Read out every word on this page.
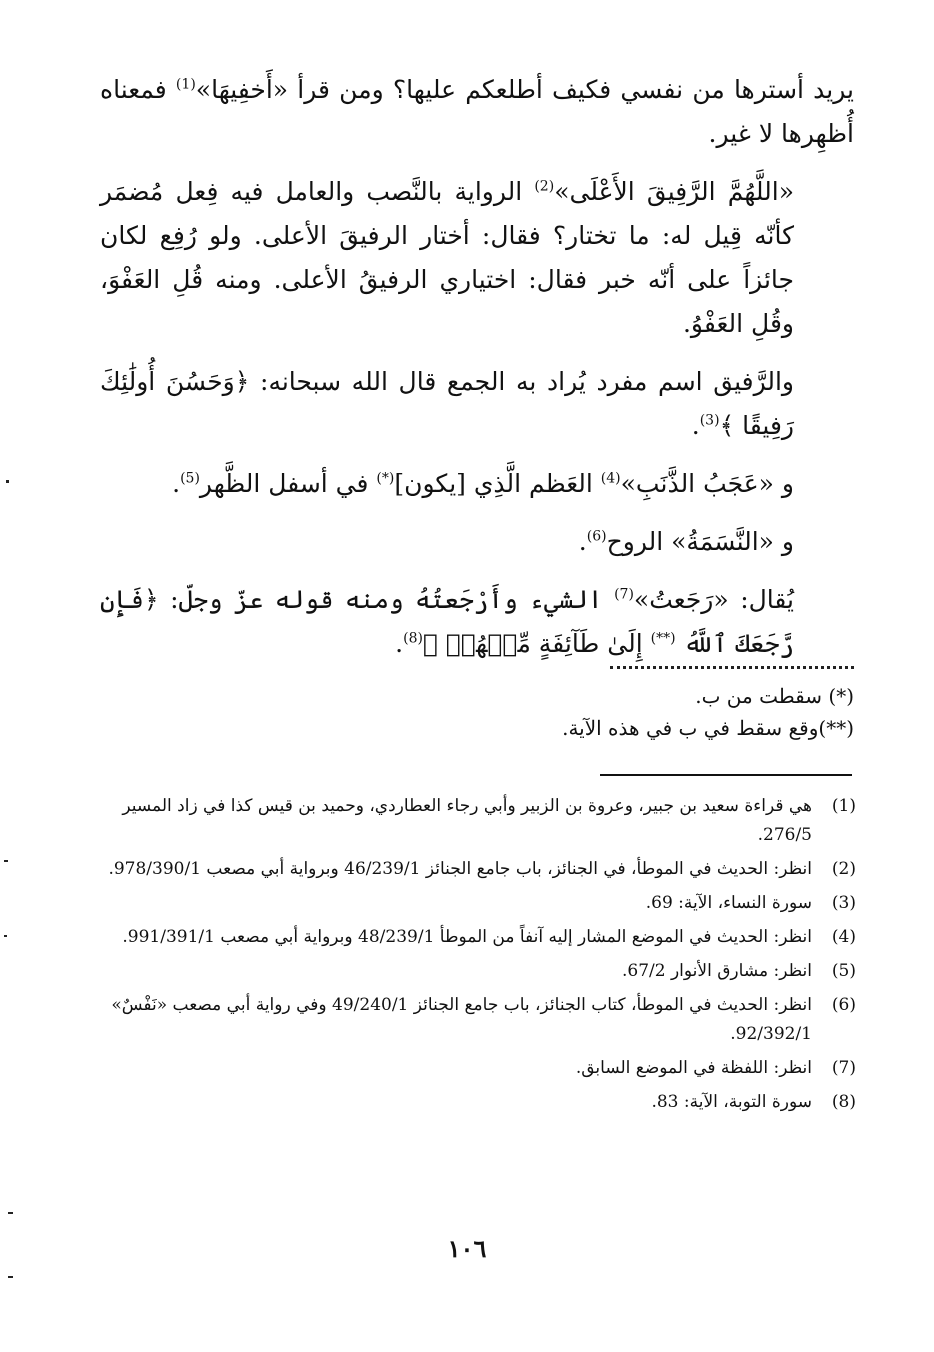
يريد أسترها من نفسي فكيف أطلعكم عليها؟ ومن قرأ «أَخفِيهَا»$^{(1)}$ فمعناه أُظهِرها لا غير.

«اللَّهُمَّ الرَّفِيقَ الأَعْلَى»$^{(2)}$ الرواية بالنَّصب والعامل فيه فِعل مُضمَر كأنّه قِيل له: ما تختار؟ فقال: أختار الرفيقَ الأعلى. ولو رُفِع لكان جائزاً على أنّه خبر فقال: اختياري الرفيقُ الأعلى. ومنه قُلِ العَفْوَ، وقُلِ العَفْوُ.

والرَّفيق اسم مفرد يُراد به الجمع قال الله سبحانه: ﴿وَحَسُنَ أُولَٰئِكَ رَفِيقًا ﴾$^{(3)}$.

و «عَجَبُ الذَّنَبِ»$^{(4)}$ العَظم الَّذِي [يكون](*) في أسفل الظَّهر$^{(5)}$.

و «النَّسَمَةُ» الروح$^{(6)}$.

يُقال: «رَجَعتُ»$^{(7)}$ الشيء وأَرْجَعتُهُ ومنه قوله عزّ وجلّ: ﴿فَإِن رَّجَعَكَ ٱللَّهُ (**) إِلَىٰ طَآئِفَةٍ مِّنۡهُمۡ ﴾$^{(8)}$.

(*) سقطت من ب.
(**)وقع سقط في ب في هذه الآية.
(1)
هي قراءة سعيد بن جبير، وعروة بن الزبير وأبي رجاء العطاردي، وحميد بن قيس كذا في زاد المسير 276/5.
(2)
انظر: الحديث في الموطأ، في الجنائز، باب جامع الجنائز 46/239/1 وبرواية أبي مصعب 978/390/1.
(3)
سورة النساء، الآية: 69.
(4)
انظر: الحديث في الموضع المشار إليه آنفاً من الموطأ 48/239/1 وبرواية أبي مصعب 991/391/1.
(5)
انظر: مشارق الأنوار 67/2.
(6)
انظر: الحديث في الموطأ، كتاب الجنائز، باب جامع الجنائز 49/240/1 وفي رواية أبي مصعب «نَفْسٌ» 92/392/1.
(7)
انظر: اللفظة في الموضع السابق.
(8)
سورة التوبة، الآية: 83.
١٠٦
